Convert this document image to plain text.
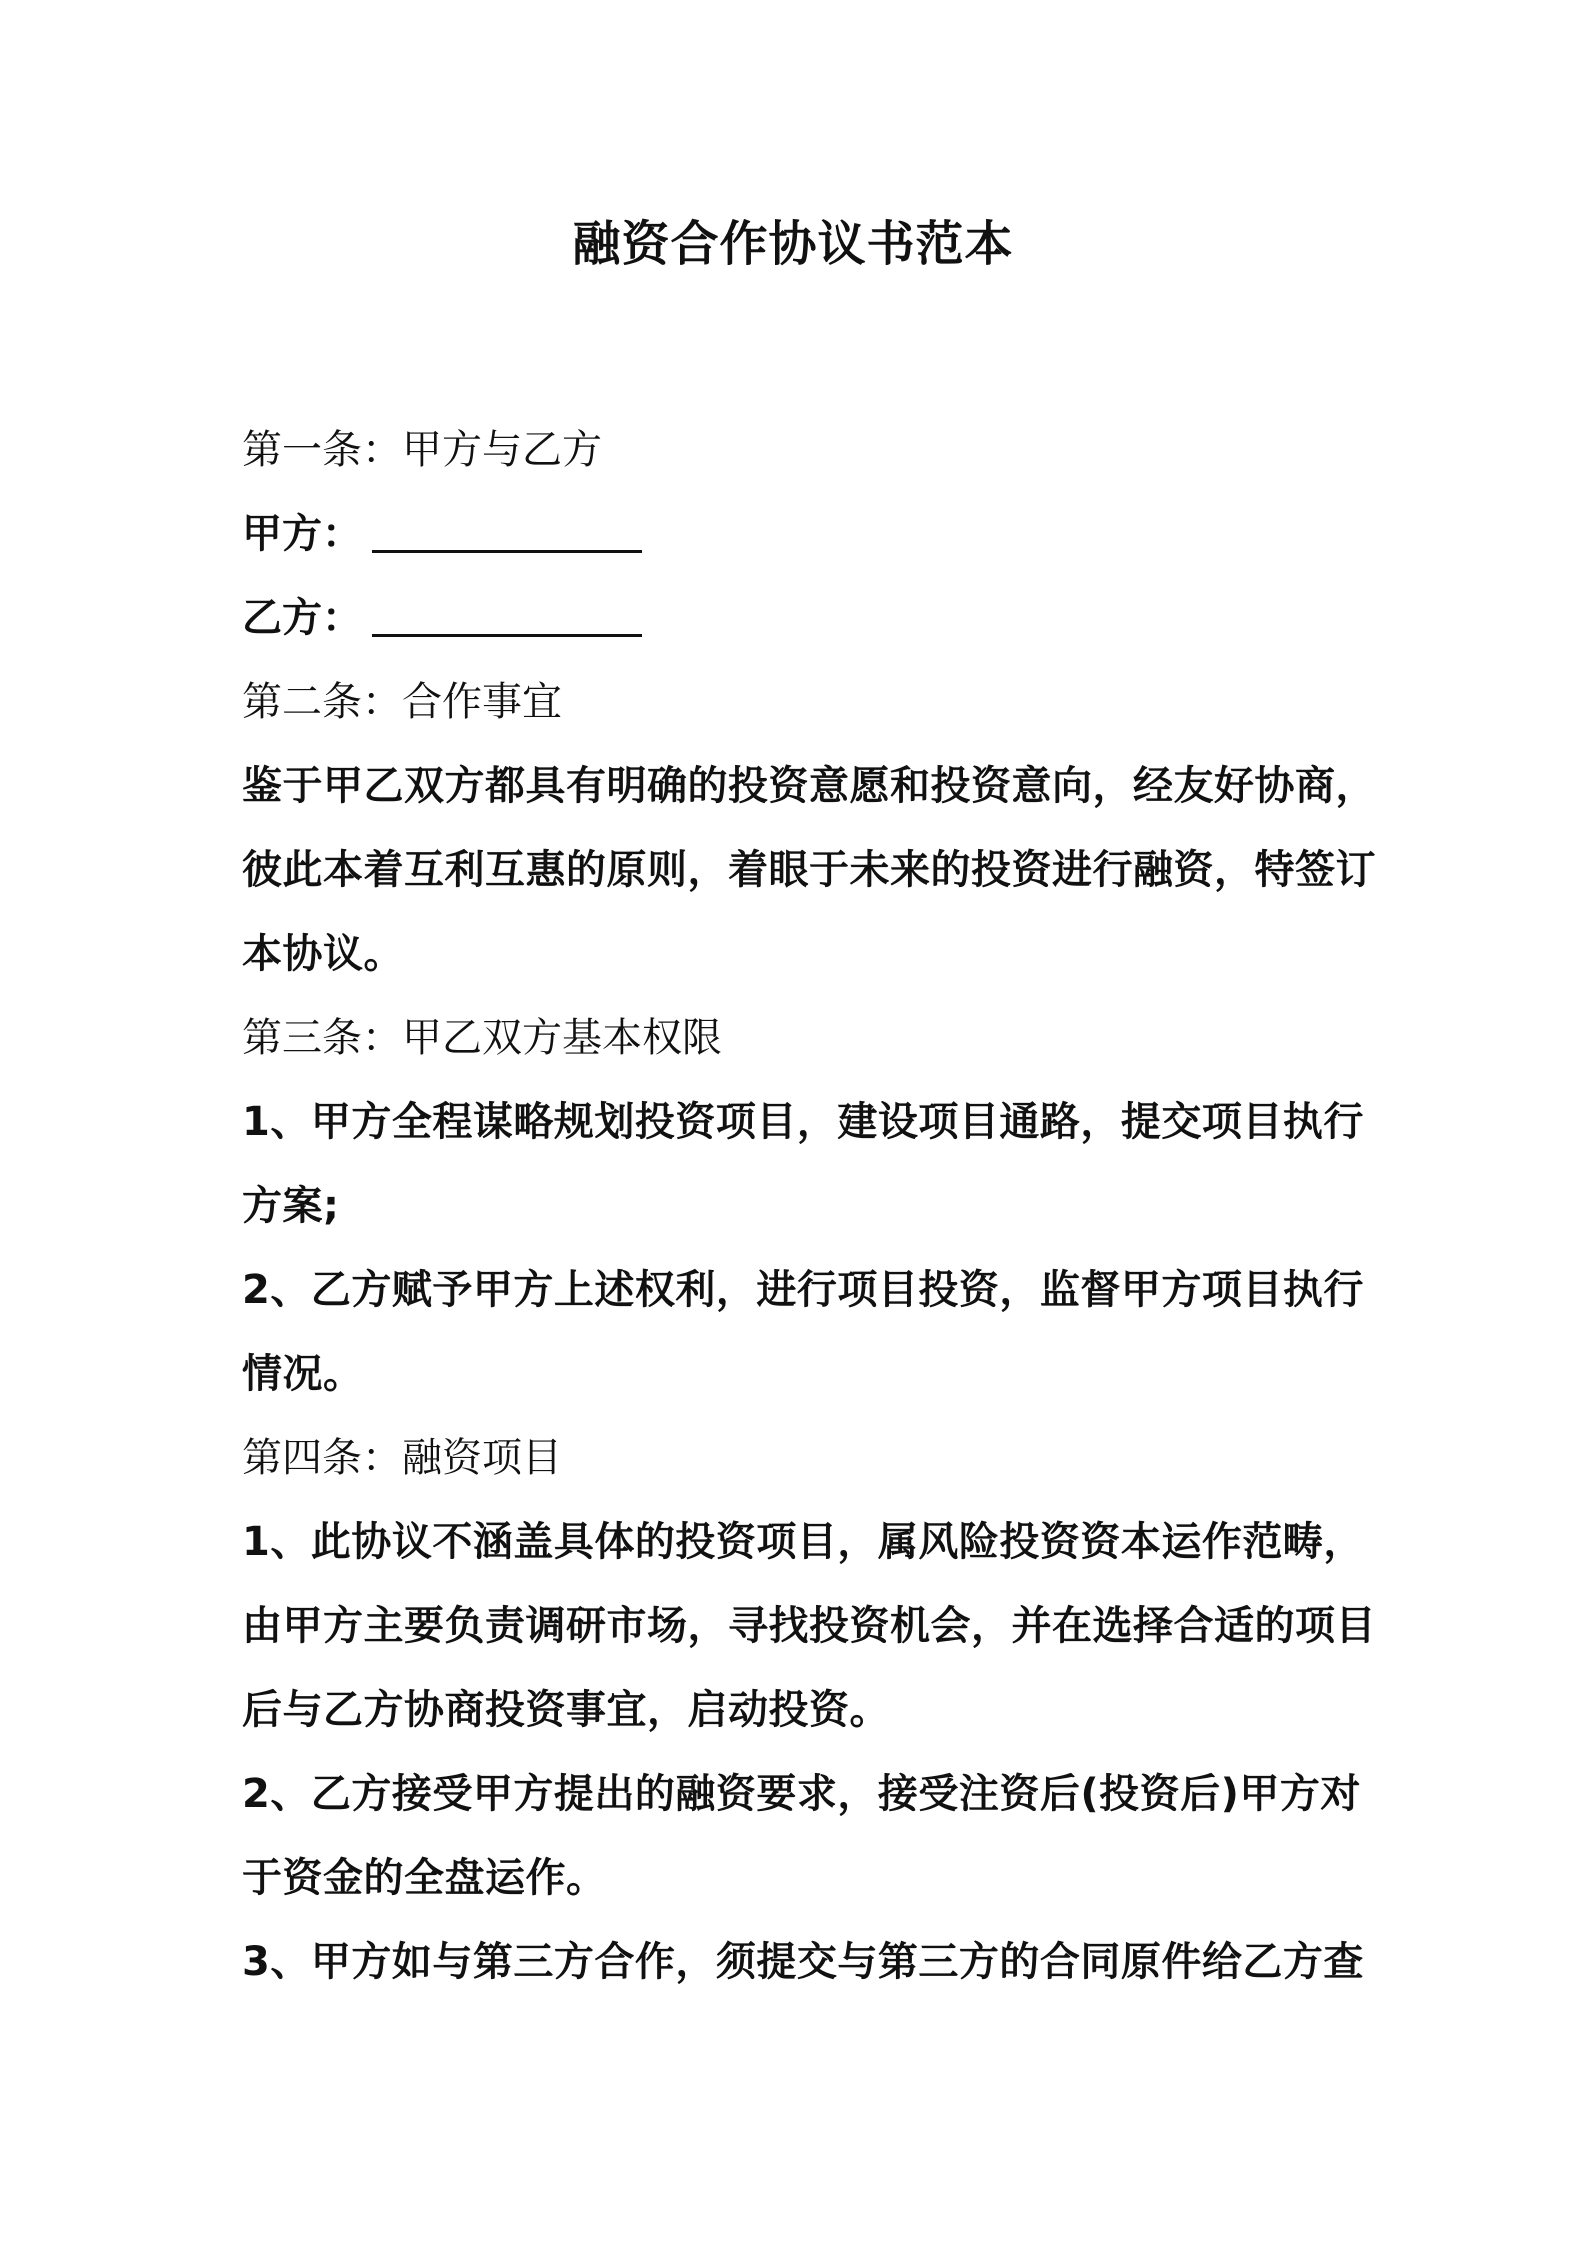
融资合作协议书范本

第一条：甲方与乙方

甲方：

乙方：

第二条：合作事宜

鉴于甲乙双方都具有明确的投资意愿和投资意向，经友好协商，

彼此本着互利互惠的原则，着眼于未来的投资进行融资，特签订

本协议。

第三条：甲乙双方基本权限

1、甲方全程谋略规划投资项目，建设项目通路，提交项目执行

方案;

2、乙方赋予甲方上述权利，进行项目投资，监督甲方项目执行

情况。

第四条：融资项目

1、此协议不涵盖具体的投资项目，属风险投资资本运作范畴，

由甲方主要负责调研市场，寻找投资机会，并在选择合适的项目

后与乙方协商投资事宜，启动投资。

2、乙方接受甲方提出的融资要求，接受注资后(投资后)甲方对

于资金的全盘运作。

3、甲方如与第三方合作，须提交与第三方的合同原件给乙方查
